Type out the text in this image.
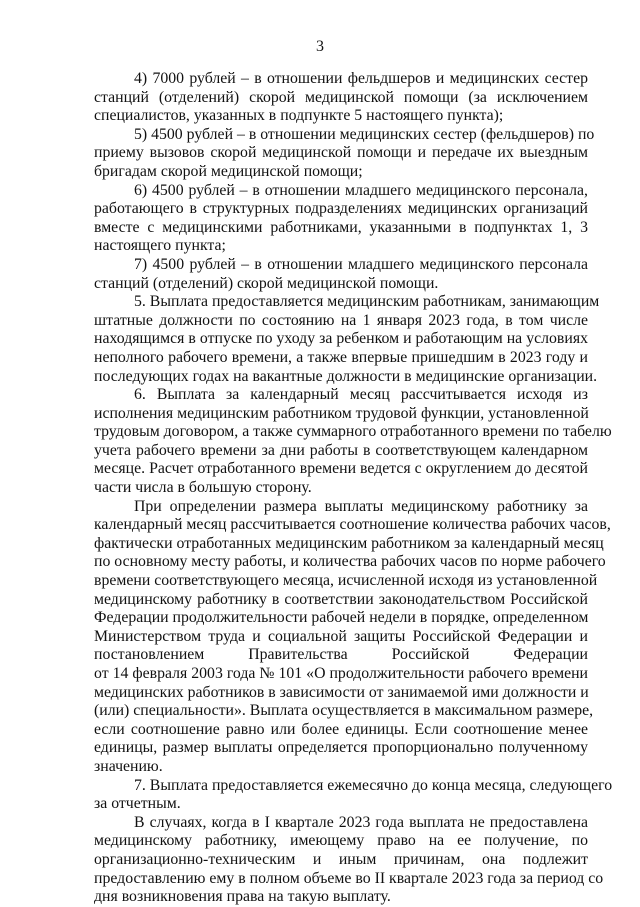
3
4) 7000 рублей – в отношении фельдшеров и медицинских сестер
станций (отделений) скорой медицинской помощи (за исключением
специалистов, указанных в подпункте 5 настоящего пункта);
5) 4500 рублей – в отношении медицинских сестер (фельдшеров) по
приему вызовов скорой медицинской помощи и передаче их выездным
бригадам скорой медицинской помощи;
6) 4500 рублей – в отношении младшего медицинского персонала,
работающего в структурных подразделениях медицинских организаций
вместе с медицинскими работниками, указанными в подпунктах 1, 3
настоящего пункта;
7) 4500 рублей – в отношении младшего медицинского персонала
станций (отделений) скорой медицинской помощи.
5. Выплата предоставляется медицинским работникам, занимающим
штатные должности по состоянию на 1 января 2023 года, в том числе
находящимся в отпуске по уходу за ребенком и работающим на условиях
неполного рабочего времени, а также впервые пришедшим в 2023 году и
последующих годах на вакантные должности в медицинские организации.
6. Выплата за календарный месяц рассчитывается исходя из
исполнения медицинским работником трудовой функции, установленной
трудовым договором, а также суммарного отработанного времени по табелю
учета рабочего времени за дни работы в соответствующем календарном
месяце. Расчет отработанного времени ведется с округлением до десятой
части числа в большую сторону.
При определении размера выплаты медицинскому работнику за
календарный месяц рассчитывается соотношение количества рабочих часов,
фактически отработанных медицинским работником за календарный месяц
по основному месту работы, и количества рабочих часов по норме рабочего
времени соответствующего месяца, исчисленной исходя из установленной
медицинскому работнику в соответствии законодательством Российской
Федерации продолжительности рабочей недели в порядке, определенном
Министерством труда и социальной защиты Российской Федерации и
постановлением Правительства Российской Федерации
от 14 февраля 2003 года № 101 «О продолжительности рабочего времени
медицинских работников в зависимости от занимаемой ими должности и
(или) специальности». Выплата осуществляется в максимальном размере,
если соотношение равно или более единицы. Если соотношение менее
единицы, размер выплаты определяется пропорционально полученному
значению.
7. Выплата предоставляется ежемесячно до конца месяца, следующего
за отчетным.
В случаях, когда в I квартале 2023 года выплата не предоставлена
медицинскому работнику, имеющему право на ее получение, по
организационно-техническим и иным причинам, она подлежит
предоставлению ему в полном объеме во II квартале 2023 года за период со
дня возникновения права на такую выплату.
